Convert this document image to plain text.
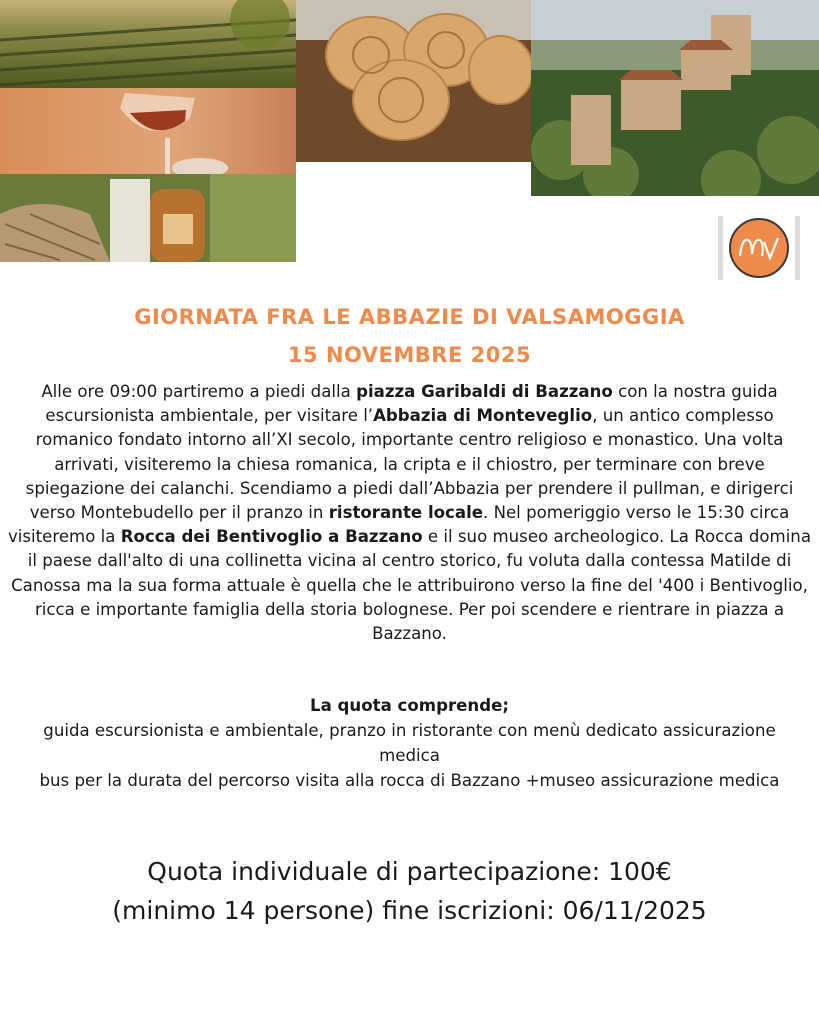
MV
GIORNATA FRA LE ABBAZIE DI VALSAMOGGIA
15 NOVEMBRE 2025
Alle ore 09:00 partiremo a piedi dalla piazza Garibaldi di Bazzano con la nostra guida
escursionista ambientale, per visitare l’Abbazia di Monteveglio, un antico complesso
romanico fondato intorno all’XI secolo, importante centro religioso e monastico. Una volta
arrivati, visiteremo la chiesa romanica, la cripta e il chiostro, per terminare con breve
spiegazione dei calanchi. Scendiamo a piedi dall’Abbazia per prendere il pullman, e dirigerci
verso Montebudello per il pranzo in ristorante locale. Nel pomeriggio verso le 15:30 circa
visiteremo la Rocca dei Bentivoglio a Bazzano e il suo museo archeologico. La Rocca domina
il paese dall'alto di una collinetta vicina al centro storico, fu voluta dalla contessa Matilde di
Canossa ma la sua forma attuale è quella che le attribuirono verso la fine del '400 i Bentivoglio,
ricca e importante famiglia della storia bolognese. Per poi scendere e rientrare in piazza a
Bazzano.
La quota comprende;
guida escursionista e ambientale, pranzo in ristorante con menù dedicato assicurazione
medica
bus per la durata del percorso visita alla rocca di Bazzano +museo assicurazione medica
Quota individuale di partecipazione: 100€
(minimo 14 persone) fine iscrizioni: 06/11/2025
